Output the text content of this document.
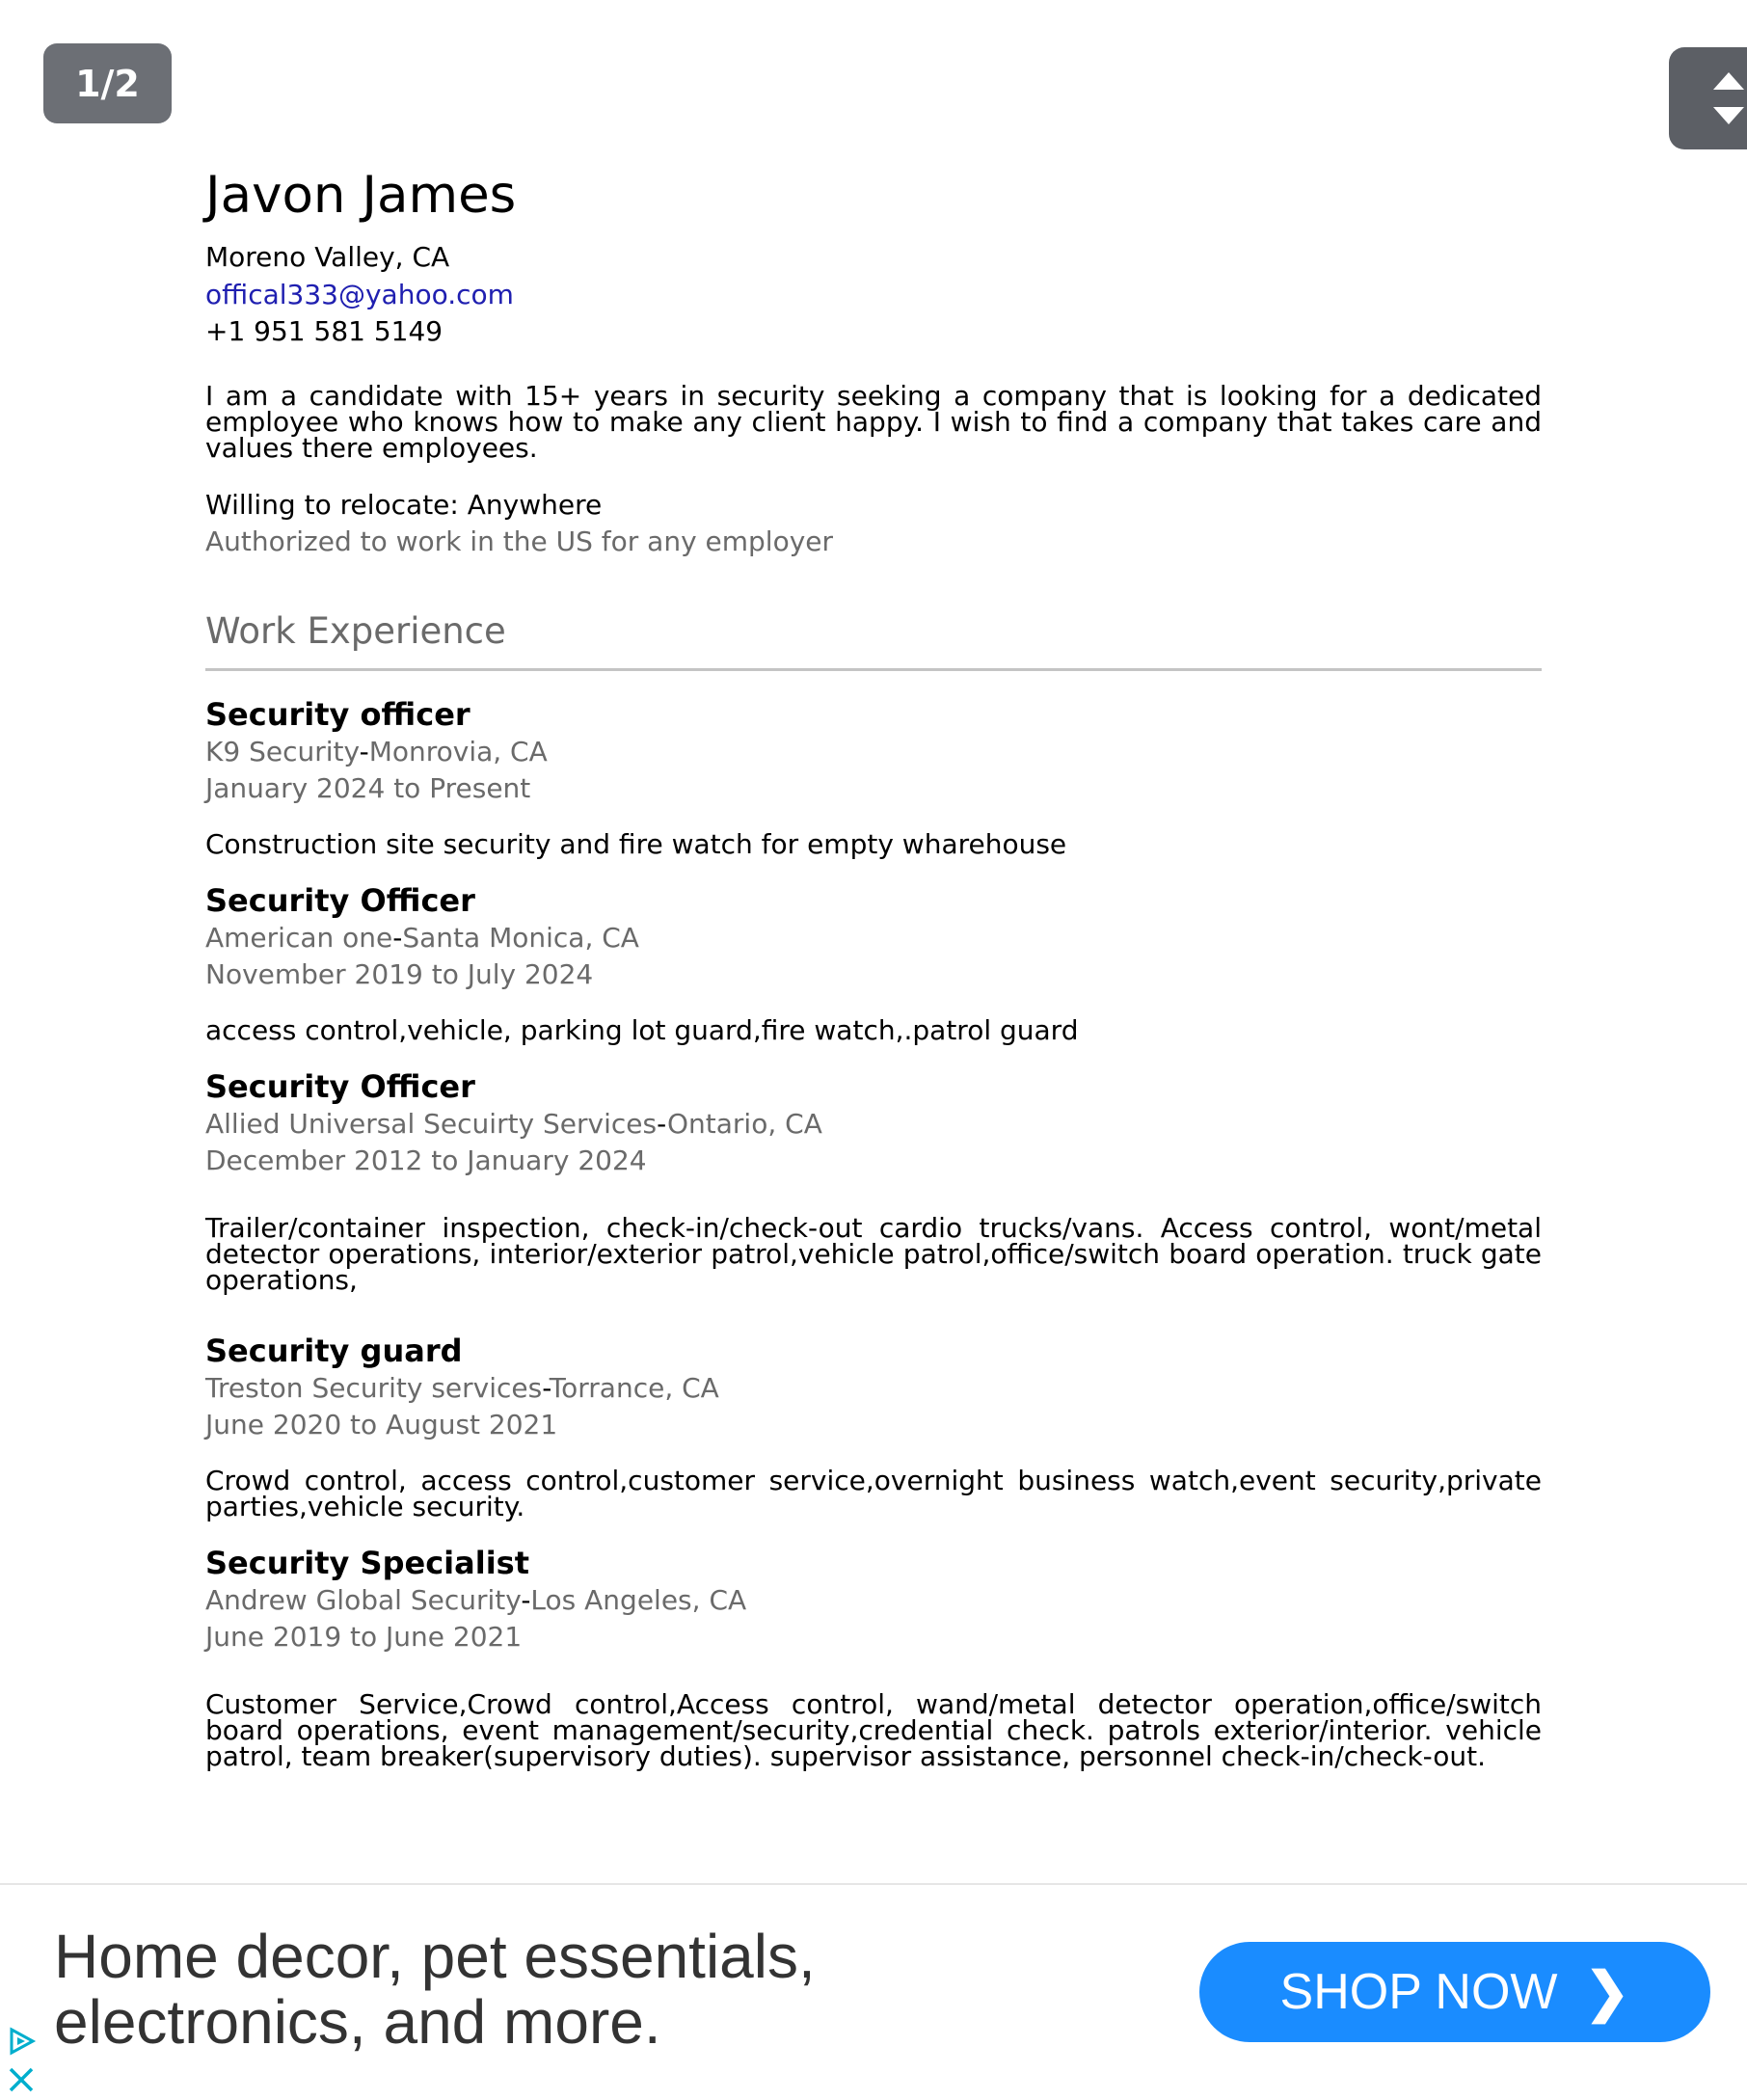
1/2
Javon James
Moreno Valley, CA
offical333@yahoo.com
+1 951 581 5149
I am a candidate with 15+ years in security seeking a company that is looking for a dedicated employee who knows how to make any client happy. I wish to find a company that takes care and values there employees.
Willing to relocate: Anywhere
Authorized to work in the US for any employer
Work Experience
Security officer
K9 Security-Monrovia, CA
January 2024 to Present
Construction site security and fire watch for empty wharehouse
Security Officer
American one-Santa Monica, CA
November 2019 to July 2024
access control,vehicle, parking lot guard,fire watch,.patrol guard
Security Officer
Allied Universal Secuirty Services-Ontario, CA
December 2012 to January 2024
Trailer/container inspection, check-in/check-out cardio trucks/vans. Access control, wont/metal detector operations, interior/exterior patrol,vehicle patrol,office/switch board operation. truck gate operations,
Security guard
Treston Security services-Torrance, CA
June 2020 to August 2021
Crowd control, access control,customer service,overnight business watch,event security,private parties,vehicle security.
Security Specialist
Andrew Global Security-Los Angeles, CA
June 2019 to June 2021
Customer Service,Crowd control,Access control, wand/metal detector operation,office/switch board operations, event management/security,credential check. patrols exterior/interior. vehicle patrol, team breaker(supervisory duties). supervisor assistance, personnel check-in/check-out.
Home decor, pet essentials,
electronics, and more.	SHOP NOW ❯
